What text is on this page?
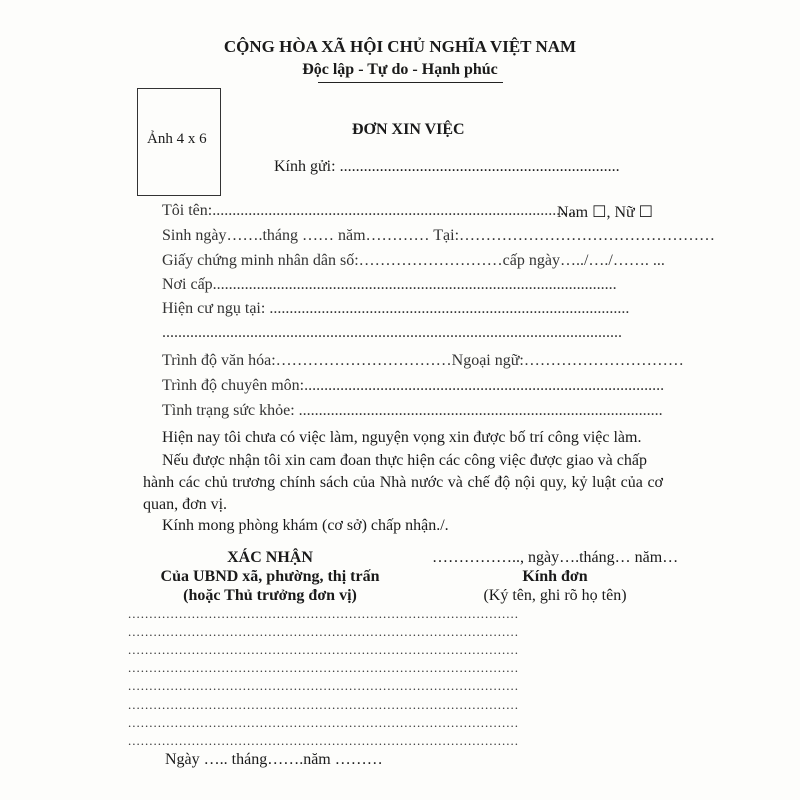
CỘNG HÒA XÃ HỘI CHỦ NGHĨA VIỆT NAM
Độc lập - Tự do - Hạnh phúc
Ảnh 4 x 6
ĐƠN XIN VIỆC
Kính gửi: ......................................................................
Tôi tên:...........................................................................................
Nam ☐, Nữ ☐
Sinh ngày…….tháng …… năm………… Tại:…………………………………………
Giấy chứng minh nhân dân số:………………………cấp ngày…../…./……. ...
Nơi cấp.....................................................................................................
Hiện cư ngụ tại: ..........................................................................................
...................................................................................................................
Trình độ văn hóa:……………………………Ngoại ngữ:…………………………
Trình độ chuyên môn:..........................................................................................
Tình trạng sức khỏe: ...........................................................................................
Hiện nay tôi chưa có việc làm, nguyện vọng xin được bố trí công việc làm.
Nếu được nhận tôi xin cam đoan thực hiện các công việc được giao và chấp
hành các chủ trương chính sách của Nhà nước và chế độ nội quy, kỷ luật của cơ quan, đơn vị.
Kính mong phòng khám (cơ sở) chấp nhận./.
XÁC NHẬN
Của UBND xã, phường, thị trấn
(hoặc Thủ trưởng đơn vị)
............................................................................................
............................................................................................
............................................................................................
............................................................................................
............................................................................................
............................................................................................
............................................................................................
............................................................................................
Ngày ….. tháng…….năm ………
…………….., ngày….tháng… năm…
Kính đơn
(Ký tên, ghi rõ họ tên)
